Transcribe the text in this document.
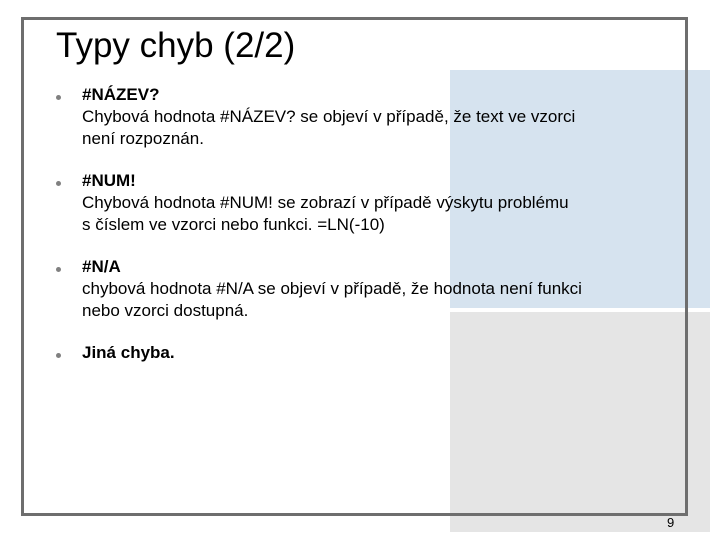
Typy chyb (2/2)
#NÁZEV?
Chybová hodnota #NÁZEV? se objeví v případě, že text ve vzorci
není rozpoznán.
#NUM!
Chybová hodnota #NUM! se zobrazí v případě výskytu problému
s číslem ve vzorci nebo funkci. =LN(-10)
#N/A
chybová hodnota #N/A se objeví v případě, že hodnota není funkci
nebo vzorci dostupná.
Jiná chyba.
9
